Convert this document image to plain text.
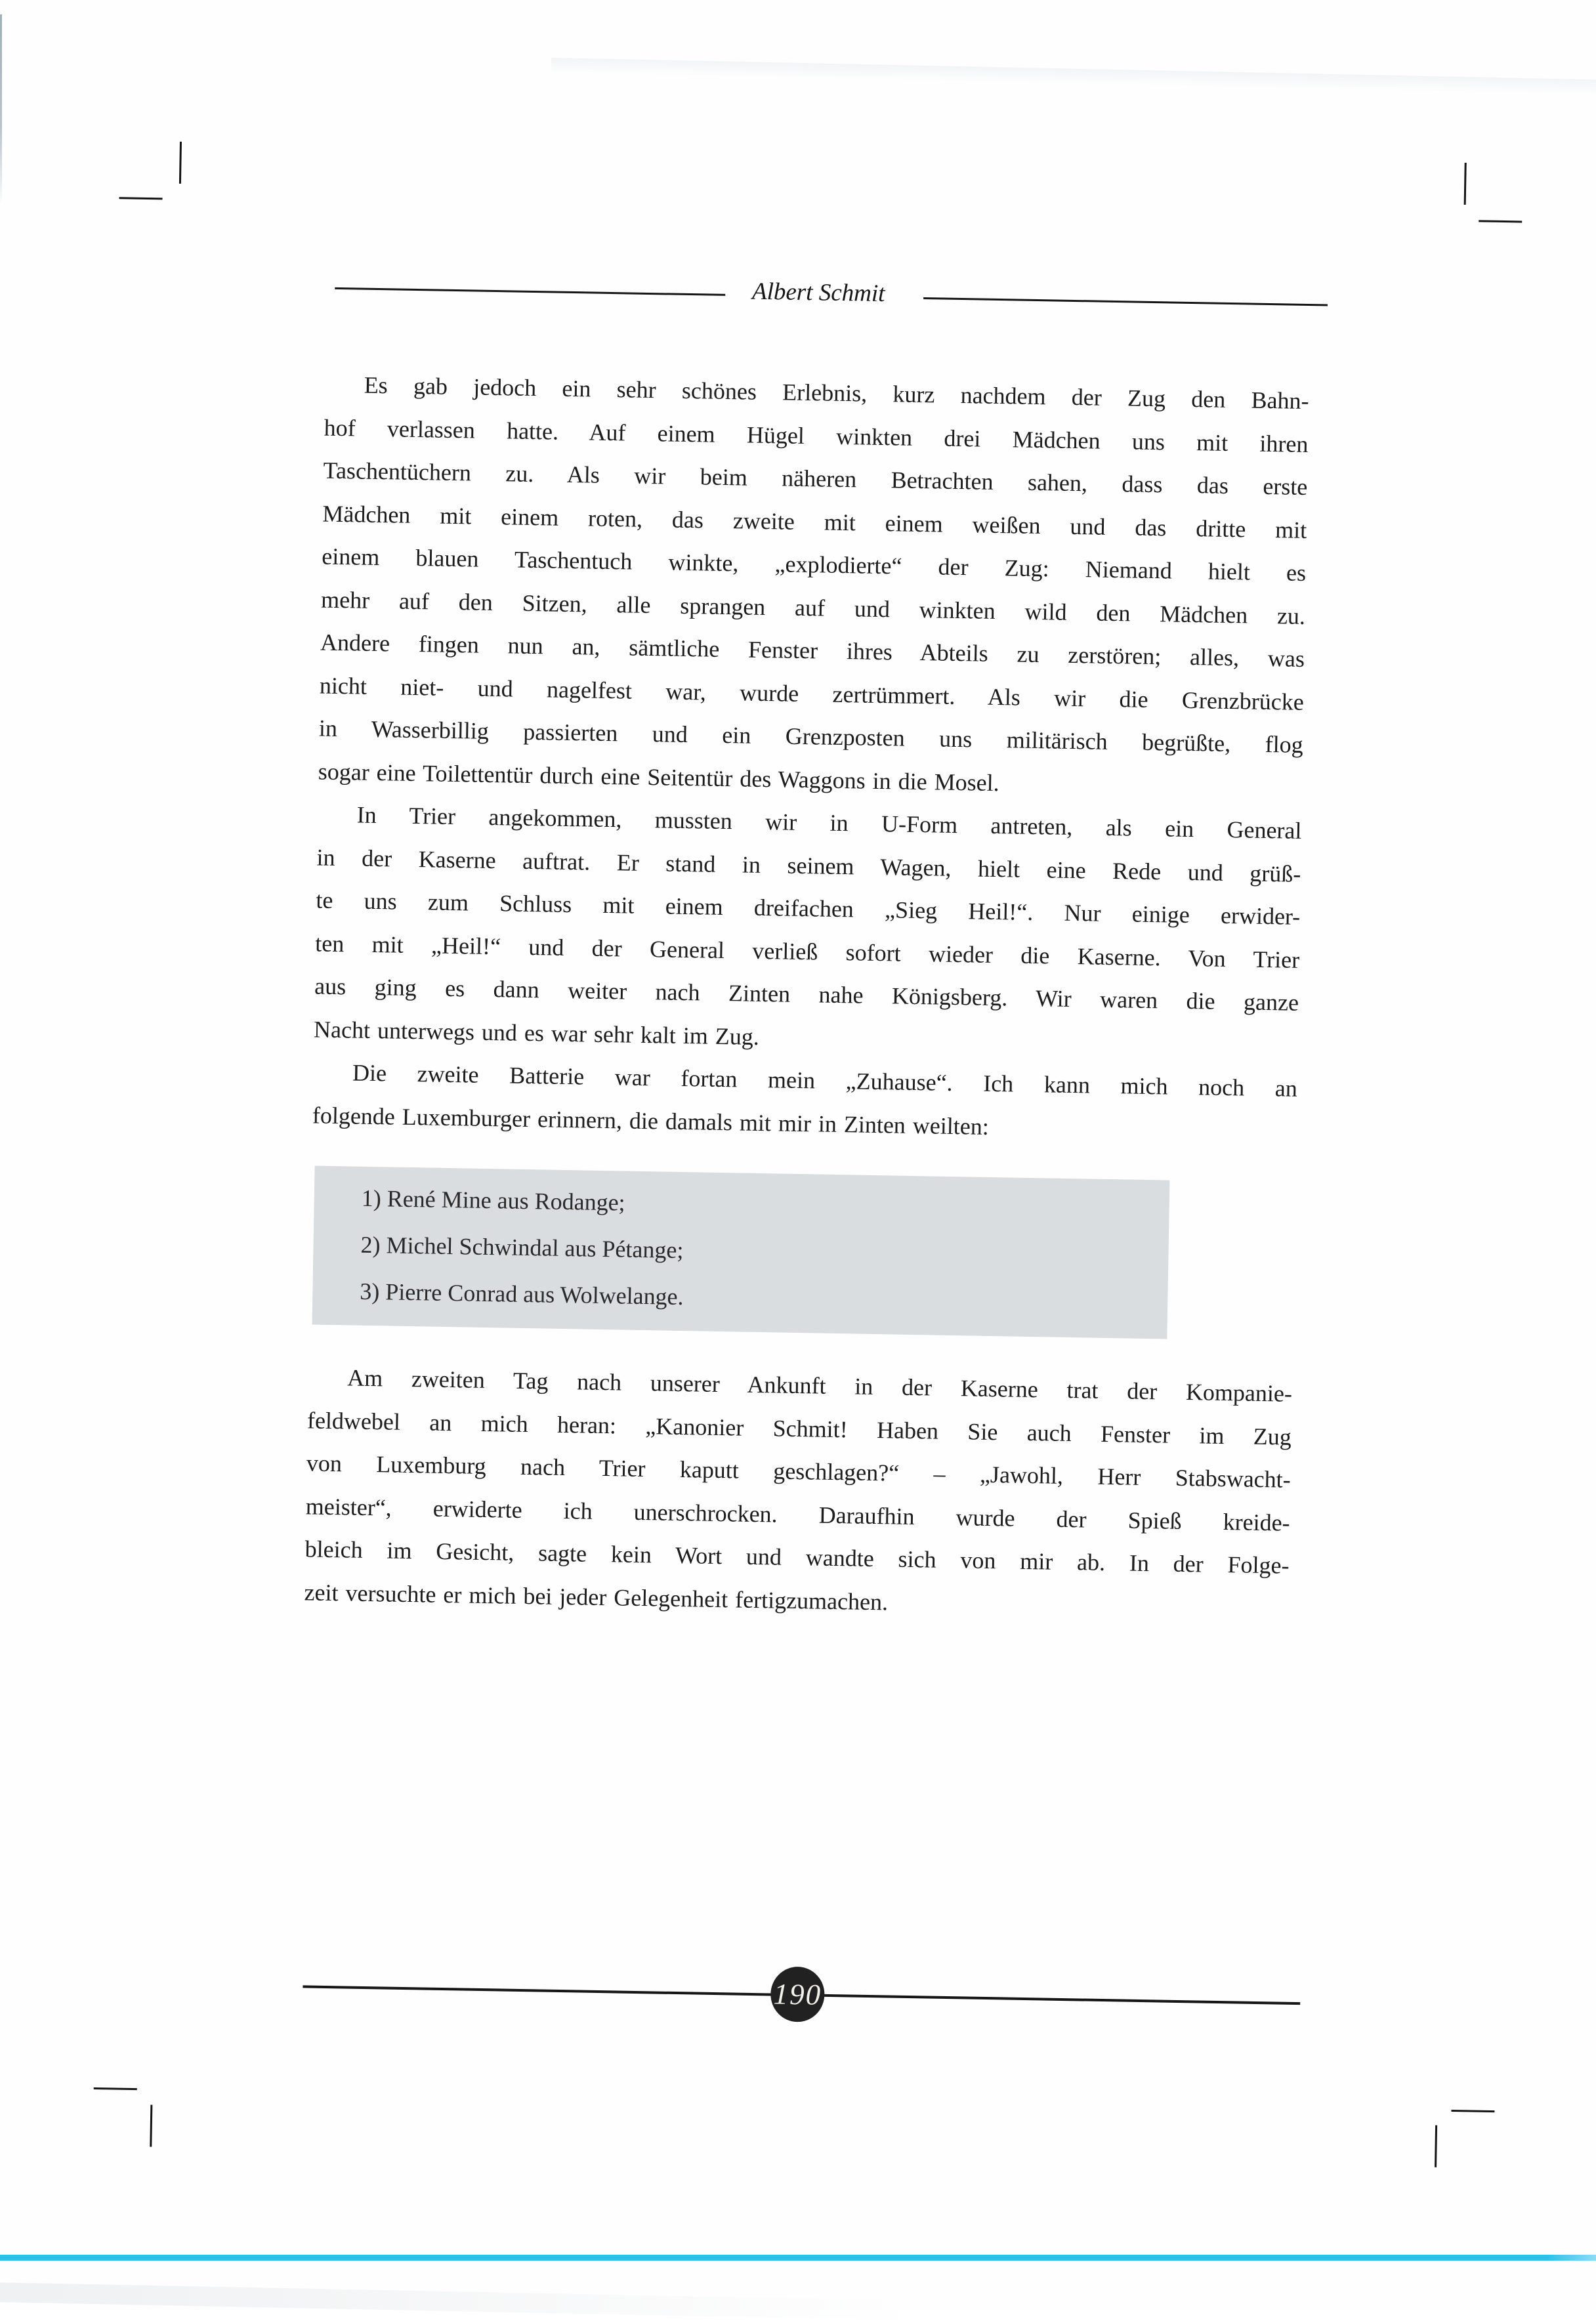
Albert Schmit
Es gab jedoch ein sehr schönes Erlebnis, kurz nachdem der Zug den Bahn-
hof verlassen hatte. Auf einem Hügel winkten drei Mädchen uns mit ihren
Taschentüchern zu. Als wir beim näheren Betrachten sahen, dass das erste
Mädchen mit einem roten, das zweite mit einem weißen und das dritte mit
einem blauen Taschentuch winkte, „explodierte“ der Zug: Niemand hielt es
mehr auf den Sitzen, alle sprangen auf und winkten wild den Mädchen zu.
Andere fingen nun an, sämtliche Fenster ihres Abteils zu zerstören; alles, was
nicht niet- und nagelfest war, wurde zertrümmert. Als wir die Grenzbrücke
in Wasserbillig passierten und ein Grenzposten uns militärisch begrüßte, flog
sogar eine Toilettentür durch eine Seitentür des Waggons in die Mosel.
In Trier angekommen, mussten wir in U-Form antreten, als ein General
in der Kaserne auftrat. Er stand in seinem Wagen, hielt eine Rede und grüß-
te uns zum Schluss mit einem dreifachen „Sieg Heil!“. Nur einige erwider-
ten mit „Heil!“ und der General verließ sofort wieder die Kaserne. Von Trier
aus ging es dann weiter nach Zinten nahe Königsberg. Wir waren die ganze
Nacht unterwegs und es war sehr kalt im Zug.
Die zweite Batterie war fortan mein „Zuhause“. Ich kann mich noch an
folgende Luxemburger erinnern, die damals mit mir in Zinten weilten:
1) René Mine aus Rodange;
2) Michel Schwindal aus Pétange;
3) Pierre Conrad aus Wolwelange.
Am zweiten Tag nach unserer Ankunft in der Kaserne trat der Kompanie-
feldwebel an mich heran: „Kanonier Schmit! Haben Sie auch Fenster im Zug
von Luxemburg nach Trier kaputt geschlagen?“ – „Jawohl, Herr Stabswacht-
meister“, erwiderte ich unerschrocken. Daraufhin wurde der Spieß kreide-
bleich im Gesicht, sagte kein Wort und wandte sich von mir ab. In der Folge-
zeit versuchte er mich bei jeder Gelegenheit fertigzumachen.
190
